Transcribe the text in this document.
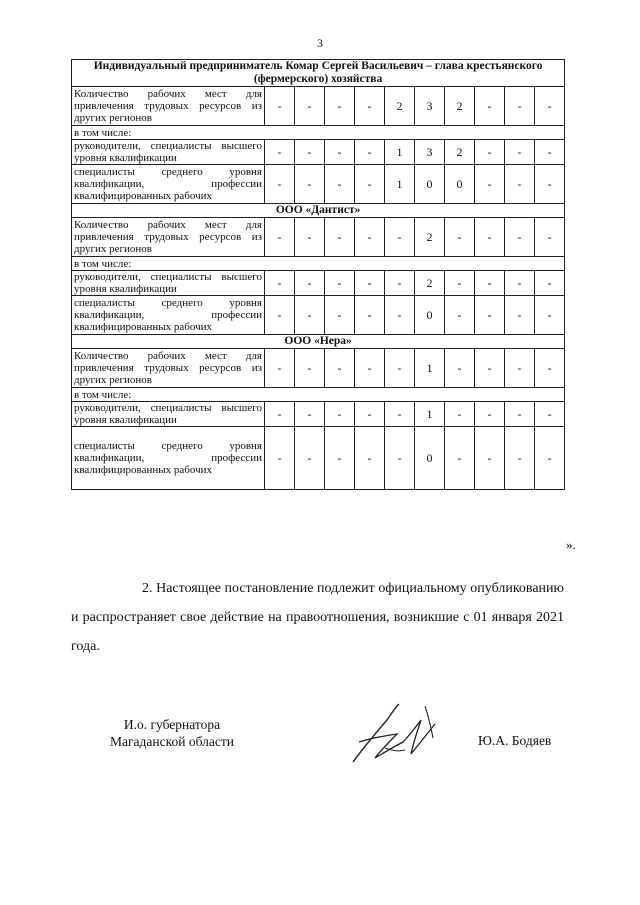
3
Индивидуальный предприниматель Комар Сергей Васильевич – глава крестьянского (фермерского) хозяйства										
Количество рабочих мест для привлечения трудовых ресурсов из других регионов	-	-	-	-	2	3	2	-	-	-
в том числе:										
руководители, специалисты высшего уровня квалификации	-	-	-	-	1	3	2	-	-	-
специалисты среднего уровня квалификации, профессии квалифицированных рабочих	-	-	-	-	1	0	0	-	-	-
ООО «Дантист»										
Количество рабочих мест для привлечения трудовых ресурсов из других регионов	-	-	-	-	-	2	-	-	-	-
в том числе:										
руководители, специалисты высшего уровня квалификации	-	-	-	-	-	2	-	-	-	-
специалисты среднего уровня квалификации, профессии квалифицированных рабочих	-	-	-	-	-	0	-	-	-	-
ООО «Нера»										
Количество рабочих мест для привлечения трудовых ресурсов из других регионов	-	-	-	-	-	1	-	-	-	-
в том числе:										
руководители, специалисты высшего уровня квалификации	-	-	-	-	-	1	-	-	-	-
специалисты среднего уровня квалификации, профессии квалифицированных рабочих	-	-	-	-	-	0	-	-	-	-
».

2. Настоящее постановление подлежит официальному опубликованию и распространяет свое действие на правоотношения, возникшие с 01 января 2021 года.

И.о. губернатора
Магаданской области	Ю.А. Бодяев
